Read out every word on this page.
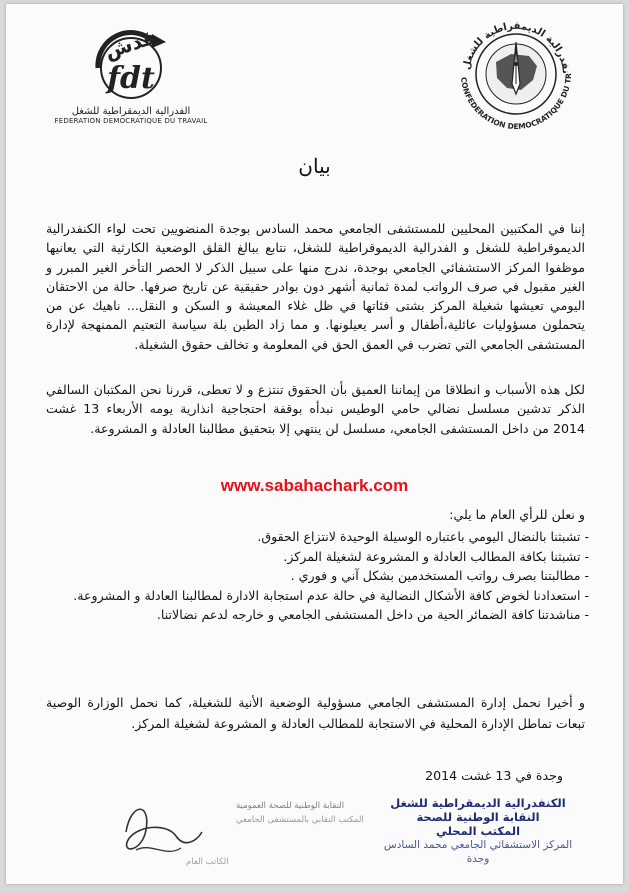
فدش
fdt
الفدرالية الديمقراطية للشغل
FEDERATION DEMOCRATIQUE DU TRAVAIL
نفدرالية الديمقراطية للشغل
CONFEDERATION DEMOCRATIQUE DU TR
بيان

إننا في المكتبين المحليين للمستشفى الجامعي محمد السادس بوجدة المنضويين تحت لواء الكنفدرالية الديموقراطية للشغل و الفدرالية الديموقراطية للشغل، نتابع ببالغ القلق الوضعية الكارثية التي يعانيها موظفوا المركز الاستشفائي الجامعي بوجدة، ندرج منها على سبيل الذكر لا الحصر التأخر الغير المبرر و الغير مقبول في صرف الرواتب لمدة ثمانية أشهر دون بوادر حقيقية عن تاريخ صرفها. حالة من الاحتقان اليومي تعيشها شغيلة المركز بشتى فئاتها في ظل غلاء المعيشة و السكن و النقل... ناهيك عن من يتحملون مسؤوليات عائلية،أطفال و أسر يعيلونها. و مما زاد الطين بلة سياسة التعتيم الممنهجة لإدارة المستشفى الجامعي التي تضرب في العمق الحق في المعلومة و تخالف حقوق الشغيلة.

لكل هذه الأسباب و انطلاقا من إيماننا العميق بأن الحقوق تنتزع و لا تعطى، قررنا نحن المكتبان السالفي الذكر تدشين مسلسل نضالي حامي الوطيس نبدأه بوقفة احتجاجية انذارية يومه الأربعاء 13 غشت 2014 من داخل المستشفى الجامعي، مسلسل لن ينتهي إلا بتحقيق مطالبنا العادلة و المشروعة.

www.sabahachark.com
و نعلن للرأي العام ما يلي:
- تشبثنا بالنضال اليومي باعتباره الوسيلة الوحيدة لانتزاع الحقوق.
- تشبثنا بكافة المطالب العادلة و المشروعة لشغيلة المركز.
- مطالبتنا بصرف رواتب المستخدمين بشكل آني و فوري .
- استعدادنا لخوض كافة الأشكال النضالية في حالة عدم استجابة الادارة لمطالبنا العادلة و المشروعة.
- مناشدتنا كافة الضمائر الحية من داخل المستشفى الجامعي و خارجه لدعم نضالاتنا.

و أخيرا نحمل إدارة المستشفى الجامعي مسؤولية الوضعية الأنية للشغيلة، كما نحمل الوزارة الوصية تبعات تماطل الإدارة المحلية في الاستجابة للمطالب العادلة و المشروعة لشغيلة المركز.

وجدة في 13 غشت 2014
النقابة الوطنية للصحة العمومية
المكتب النقابي بالمستشفى الجامعي
الكاتب العام
الكنفدرالية الديمقراطية للشغل
النقابة الوطنية للصحة
المكتب المحلي
المركز الاستشفائي الجامعي محمد السادس
وجدة
